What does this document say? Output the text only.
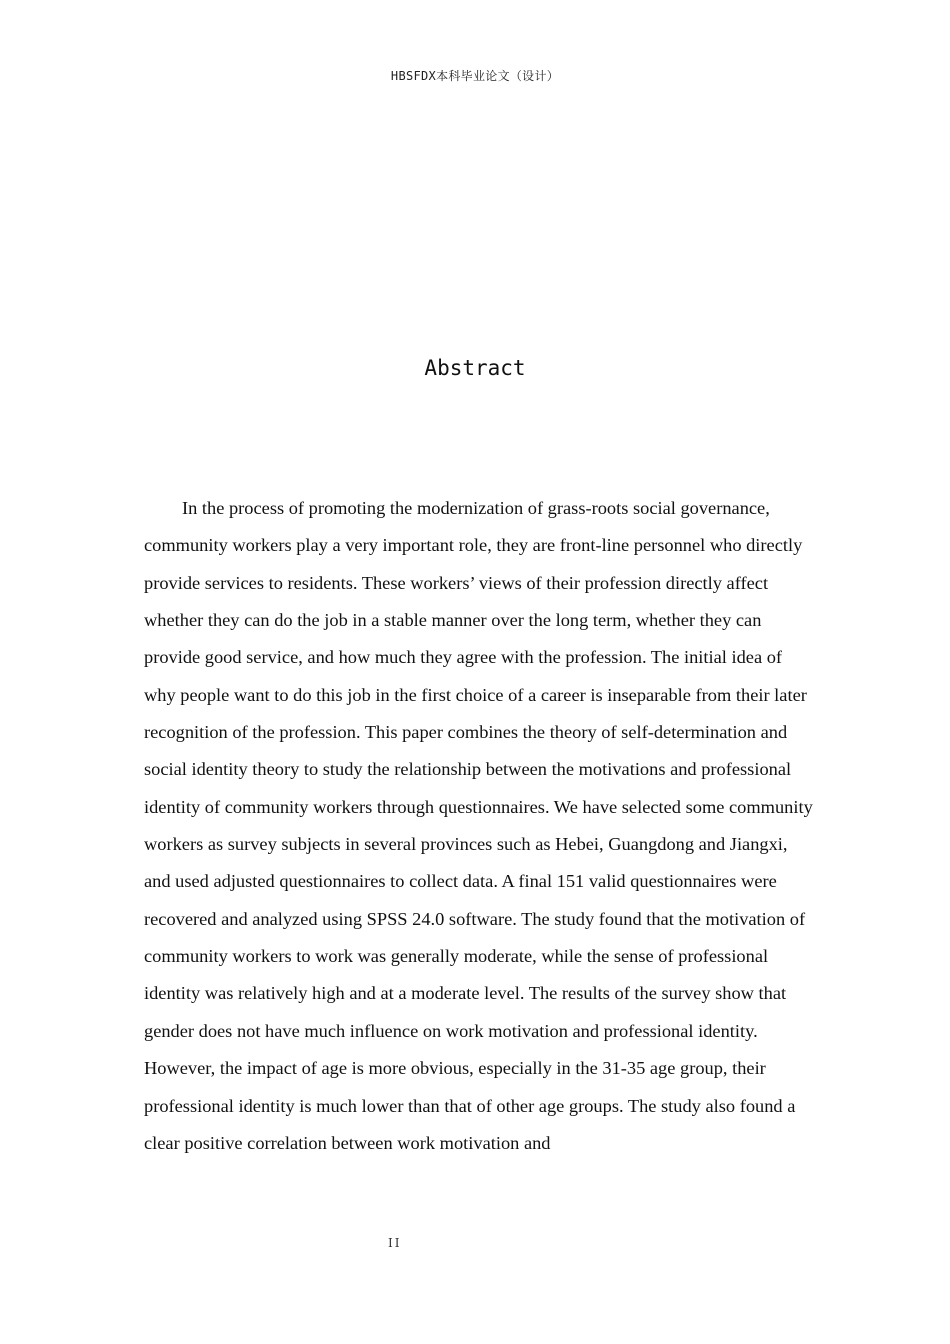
HBSFDX本科毕业论文（设计）
Abstract

In the process of promoting the modernization of grass-roots social governance, community workers play a very important role, they are front-line personnel who directly provide services to residents. These workers’ views of their profession directly affect whether they can do the job in a stable manner over the long term, whether they can provide good service, and how much they agree with the profession. The initial idea of why people want to do this job in the first choice of a career is inseparable from their later recognition of the profession. This paper combines the theory of self-determination and social identity theory to study the relationship between the motivations and professional identity of community workers through questionnaires. We have selected some community workers as survey subjects in several provinces such as Hebei, Guangdong and Jiangxi, and used adjusted questionnaires to collect data. A final 151 valid questionnaires were recovered and analyzed using SPSS 24.0 software. The study found that the motivation of community workers to work was generally moderate, while the sense of professional identity was relatively high and at a moderate level. The results of the survey show that gender does not have much influence on work motivation and professional identity. However, the impact of age is more obvious, especially in the 31-35 age group, their professional identity is much lower than that of other age groups. The study also found a clear positive correlation between work motivation and

II
